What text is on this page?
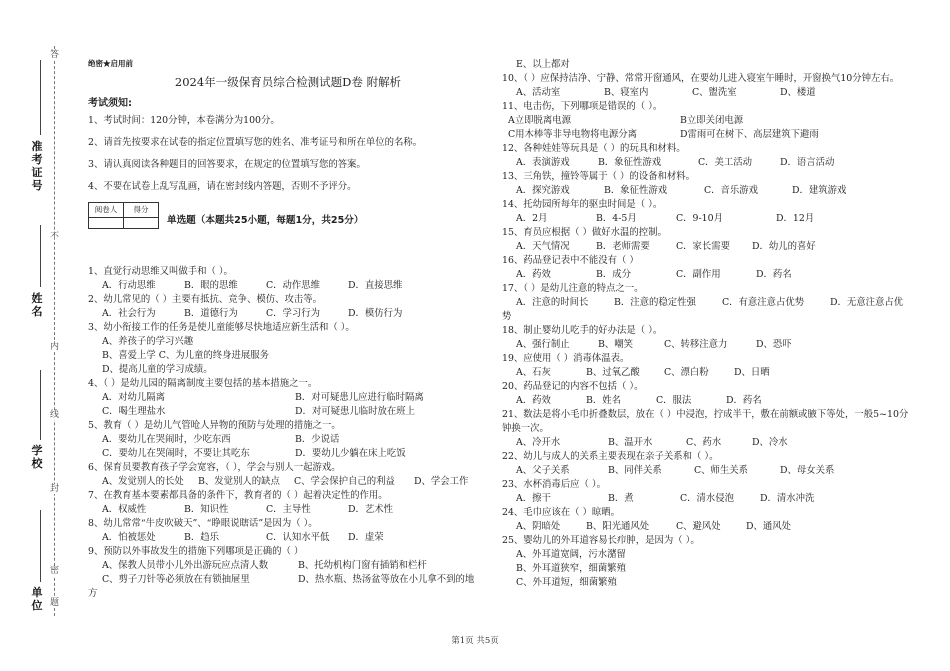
答
不
内
线
封
密
题
准考证号
姓名
学校
单位
绝密★启用前
2024年一级保育员综合检测试题D卷 附解析
考试须知:
1、考试时间：120分钟，本卷满分为100分。
2、请首先按要求在试卷的指定位置填写您的姓名、准考证号和所在单位的名称。
3、请认真阅读各种题目的回答要求，在规定的位置填写您的答案。
4、不要在试卷上乱写乱画，请在密封线内答题，否则不予评分。
阅卷人	得分

单选题（本题共25小题，每题1分，共25分）
1、直觉行动思维又叫做手和（ ）。
A．行动思维	B．眼的思维	C．动作思维	D．直接思维
2、幼儿常见的（ ）主要有抵抗、竞争、模仿、攻击等。
A．社会行为	B．道德行为	C．学习行为	D．模仿行为
3、幼小衔接工作的任务是使儿童能够尽快地适应新生活和（ ）。
A、养孩子的学习兴趣
B、喜爱上学 C、为儿童的终身进展服务
D、提高儿童的学习成绩。
4、（ ）是幼儿园的隔离制度主要包括的基本措施之一。
A．对幼儿隔离	B．对可疑患儿应进行临时隔离
C．喝生理盐水	D．对可疑患儿临时放在班上
5、教育（ ）是幼儿气管呛人异物的预防与处理的措施之一。
A．要幼儿在哭闹时，少吃东西	B．少说话
C．要幼儿在哭闹时，不要让其吃东	D．要幼儿少躺在床上吃饭
6、保育员要教育孩子学会宽容，（ ），学会与别人一起游戏。
A、发觉别人的长处	B、发觉别人的缺点	C、学会保护自己的利益	D、学会工作
7、在教育基本要素都具备的条件下，教育者的（ ）起着决定性的作用。
A．权威性	B．知识性	C．主导性	D．艺术性
8、幼儿常常“牛皮吹破天”、“睁眼说瞎话”是因为（ ）。
A．怕被惩处	B．趋乐	C．认知水平低	D．虚荣
9、预防以外事故发生的措施下列哪项是正确的（ ）
A、保教人员带小儿外出游玩应点清人数	B、托幼机构门窗有插销和栏杆
C、剪子刀针等必须放在有锁抽屉里	D、热水瓶、热汤盆等放在小儿拿不到的地
方
E、以上都对
10、（ ）应保持洁净、宁静、常常开窗通风，在要幼儿进入寝室午睡时，开窗换气10分钟左右。
A、活动室	B、寝室内	C、盥洗室	D、楼道
11、电击伤，下列哪项是错误的（ ）。
A立即脱离电源	B立即关闭电源
C用木棒等非导电物将电源分离	D雷雨可在树下、高层建筑下避雨
12、各种娃娃等玩具是（ ）的玩具和材料。
A．表演游戏	B．象征性游戏	C．美工活动	D．语言活动
13、三角铁，撞铃等属于（ ）的设备和材料。
A．探究游戏	B．象征性游戏	C．音乐游戏	D．建筑游戏
14、托幼园所每年的驱虫时间是（ ）。
A．2月	B．4-5月	C．9-10月	D．12月
15、育员应根据（ ）做好水温的控制。
A．天气情况	B．老师需要	C．家长需要	D．幼儿的喜好
16、药品登记表中不能没有（ ）
A．药效	B．成分	C．副作用	D．药名
17、（ ）是幼儿注意的特点之一。
A．注意的时间长	B．注意的稳定性强	C．有意注意占优势	D．无意注意占优
势
18、制止婴幼儿吃手的好办法是（ ）。
A、强行制止	B、嘲笑	C、转移注意力	D、恐吓
19、应使用（ ）消毒体温表。
A、石灰	B、过氧乙酸	C、漂白粉	D、日晒
20、药品登记的内容不包括（ ）。
A．药效	B．姓名	C．服法	D．药名
21、数法是将小毛巾折叠数层，放在（ ）中浸泡，拧成半干，敷在前额或腋下等处，一般5~10分钟换一次。
A、冷开水	B、温开水	C、药水	D、冷水
22、幼儿与成人的关系主要表现在亲子关系和（ ）。
A、父子关系	B、同伴关系	C、师生关系	D、母女关系
23、水杯消毒后应（ ）。
A．擦干	B．煮	C．清水侵泡	D．清水冲洗
24、毛巾应该在（ ）晾晒。
A、阴暗处	B、阳光通风处	C、避风处	D、通风处
25、婴幼儿的外耳道容易长疖肿，是因为（ ）。
A、外耳道宽阔，污水潴留
B、外耳道狭窄，细菌繁殖
C、外耳道短，细菌繁殖
第1页 共5页
